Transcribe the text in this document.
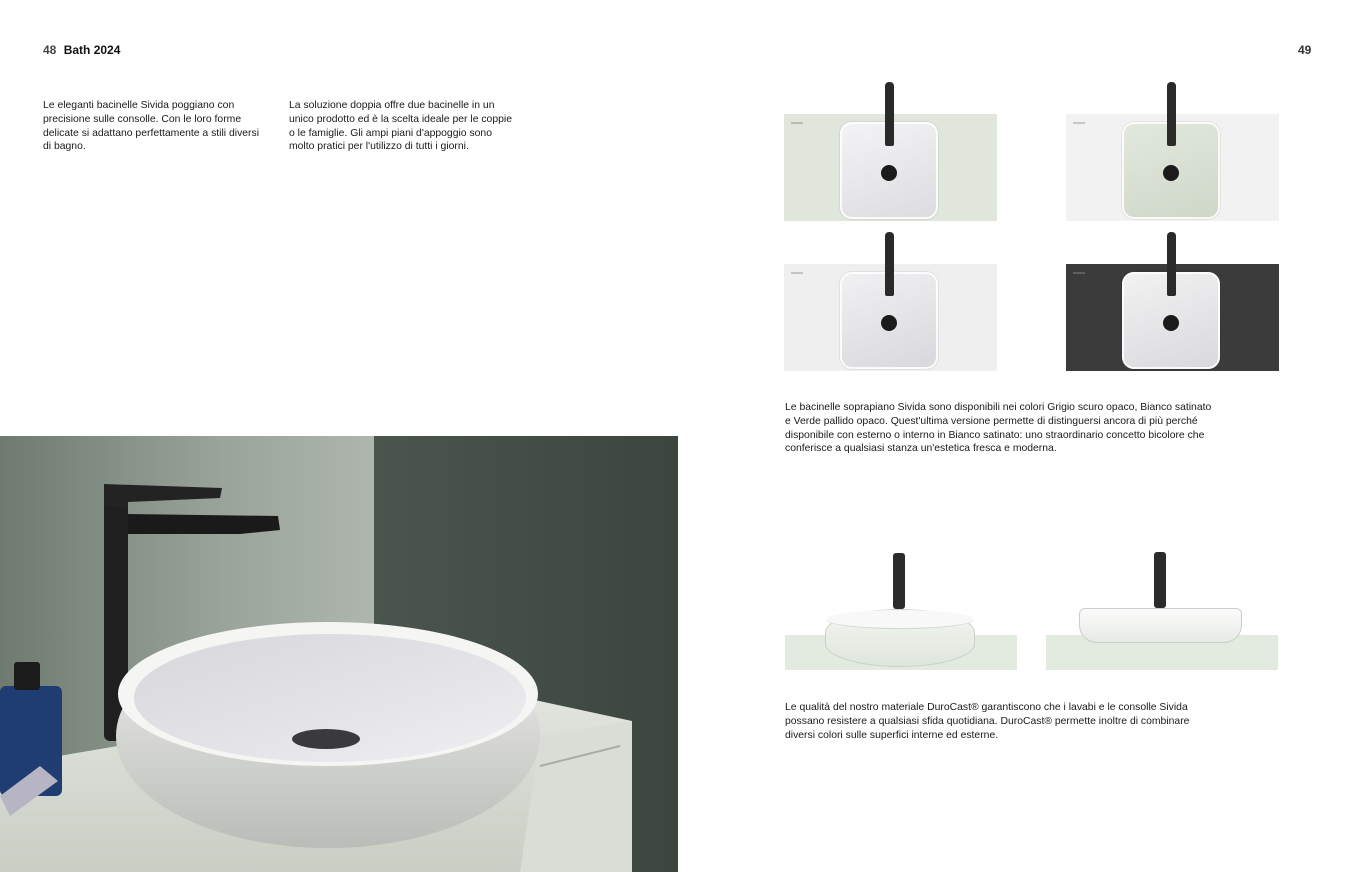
48 Bath 2024	49
Le eleganti bacinelle Sivida poggiano con
precisione sulle consolle. Con le loro forme
delicate si adattano perfettamente a stili diversi
di bagno.
La soluzione doppia offre due bacinelle in un
unico prodotto ed è la scelta ideale per le coppie
o le famiglie. Gli ampi piani d'appoggio sono
molto pratici per l'utilizzo di tutti i giorni.
Le bacinelle soprapiano Sivida sono disponibili nei colori Grigio scuro opaco, Bianco satinato
e Verde pallido opaco. Quest'ultima versione permette di distinguersi ancora di più perché
disponibile con esterno o interno in Bianco satinato: uno straordinario concetto bicolore che
conferisce a qualsiasi stanza un'estetica fresca e moderna.
Le qualità del nostro materiale DuroCast® garantiscono che i lavabi e le consolle Sivida
possano resistere a qualsiasi sfida quotidiana. DuroCast® permette inoltre di combinare
diversi colori sulle superfici interne ed esterne.
